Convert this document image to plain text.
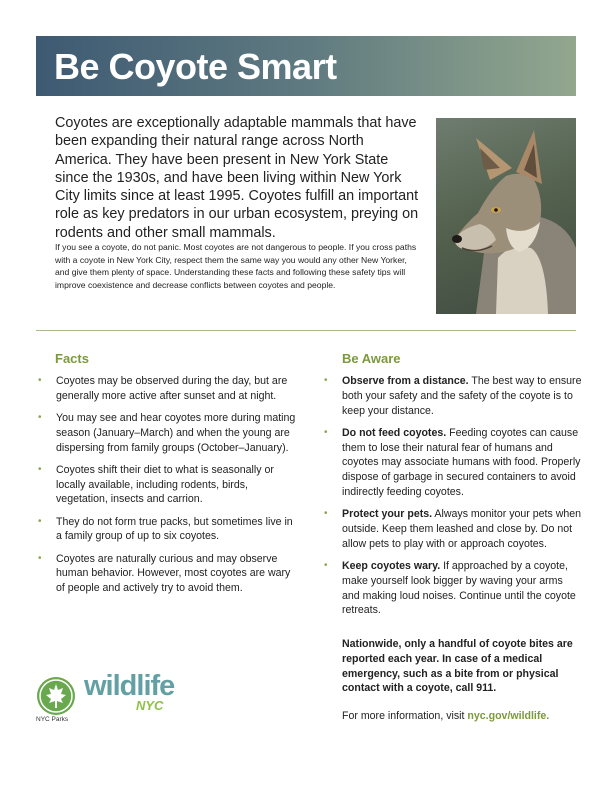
Be Coyote Smart
Coyotes are exceptionally adaptable mammals that have been expanding their natural range across North America. They have been present in New York State since the 1930s, and have been living within New York City limits since at least 1995. Coyotes fulfill an important role as key predators in our urban ecosystem, preying on rodents and other small mammals.
If you see a coyote, do not panic. Most coyotes are not dangerous to people. If you cross paths with a coyote in New York City, respect them the same way you would any other New Yorker, and give them plenty of space. Understanding these facts and following these safety tips will improve coexistence and decrease conflicts between coyotes and people.
Facts
• Coyotes may be observed during the day, but are generally more active after sunset and at night.
• You may see and hear coyotes more during mating season (January–March) and when the young are dispersing from family groups (October–January).
• Coyotes shift their diet to what is seasonally or locally available, including rodents, birds, vegetation, insects and carrion.
• They do not form true packs, but sometimes live in a family group of up to six coyotes.
• Coyotes are naturally curious and may observe human behavior. However, most coyotes are wary of people and actively try to avoid them.
Be Aware
• Observe from a distance. The best way to ensure both your safety and the safety of the coyote is to keep your distance.
• Do not feed coyotes. Feeding coyotes can cause them to lose their natural fear of humans and coyotes may associate humans with food. Properly dispose of garbage in secured containers to avoid indirectly feeding coyotes.
• Protect your pets. Always monitor your pets when outside. Keep them leashed and close by. Do not allow pets to play with or approach coyotes.
• Keep coyotes wary. If approached by a coyote, make yourself look bigger by waving your arms and making loud noises. Continue until the coyote retreats.
Nationwide, only a handful of coyote bites are reported each year. In case of a medical emergency, such as a bite from or physical contact with a coyote, call 911.
For more information, visit nyc.gov/wildlife.
NYC Parks
wildlife
NYC
